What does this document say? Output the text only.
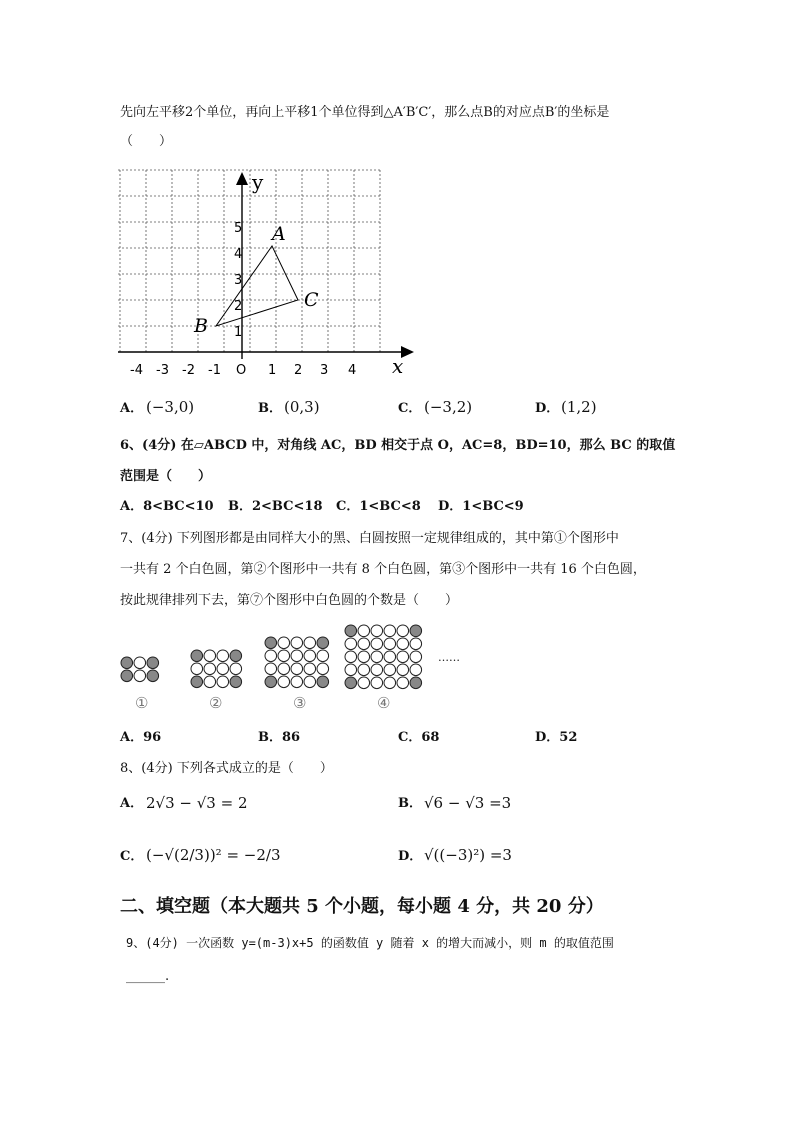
先向左平移2个单位，再向上平移1个单位得到△A′B′C′，那么点B的对应点B′的坐标是
（　　）
y
x
O
A
B
C
-4 -3 -2 -1	1 2 3 4
1
2
3
4
5
A． (−3,0)	B． (0,3)	C． (−3,2)	D． (1,2)
6、(4分) 在▱ABCD 中，对角线 AC，BD 相交于点 O，AC=8，BD=10，那么 BC 的取值
范围是（　　）
A．8<BC<10 B．2<BC<18 C．1<BC<8 D．1<BC<9
7、(4分) 下列图形都是由同样大小的黑、白圆按照一定规律组成的，其中第①个图形中
一共有 2 个白色圆，第②个图形中一共有 8 个白色圆，第③个图形中一共有 16 个白色圆，
按此规律排列下去，第⑦个图形中白色圆的个数是（　　）
……
①	②	③	④
A．96	B．86	C．68	D．52
8、(4分) 下列各式成立的是（　　）
A． 2√3 − √3 = 2	B． √6 − √3 =3
C． (−√(2/3))² = −2/3	D． √((−3)²) =3
二、填空题（本大题共 5 个小题，每小题 4 分，共 20 分）
9、(4分) 一次函数 y=(m-3)x+5 的函数值 y 随着 x 的增大而减小，则 m 的取值范围
______.
